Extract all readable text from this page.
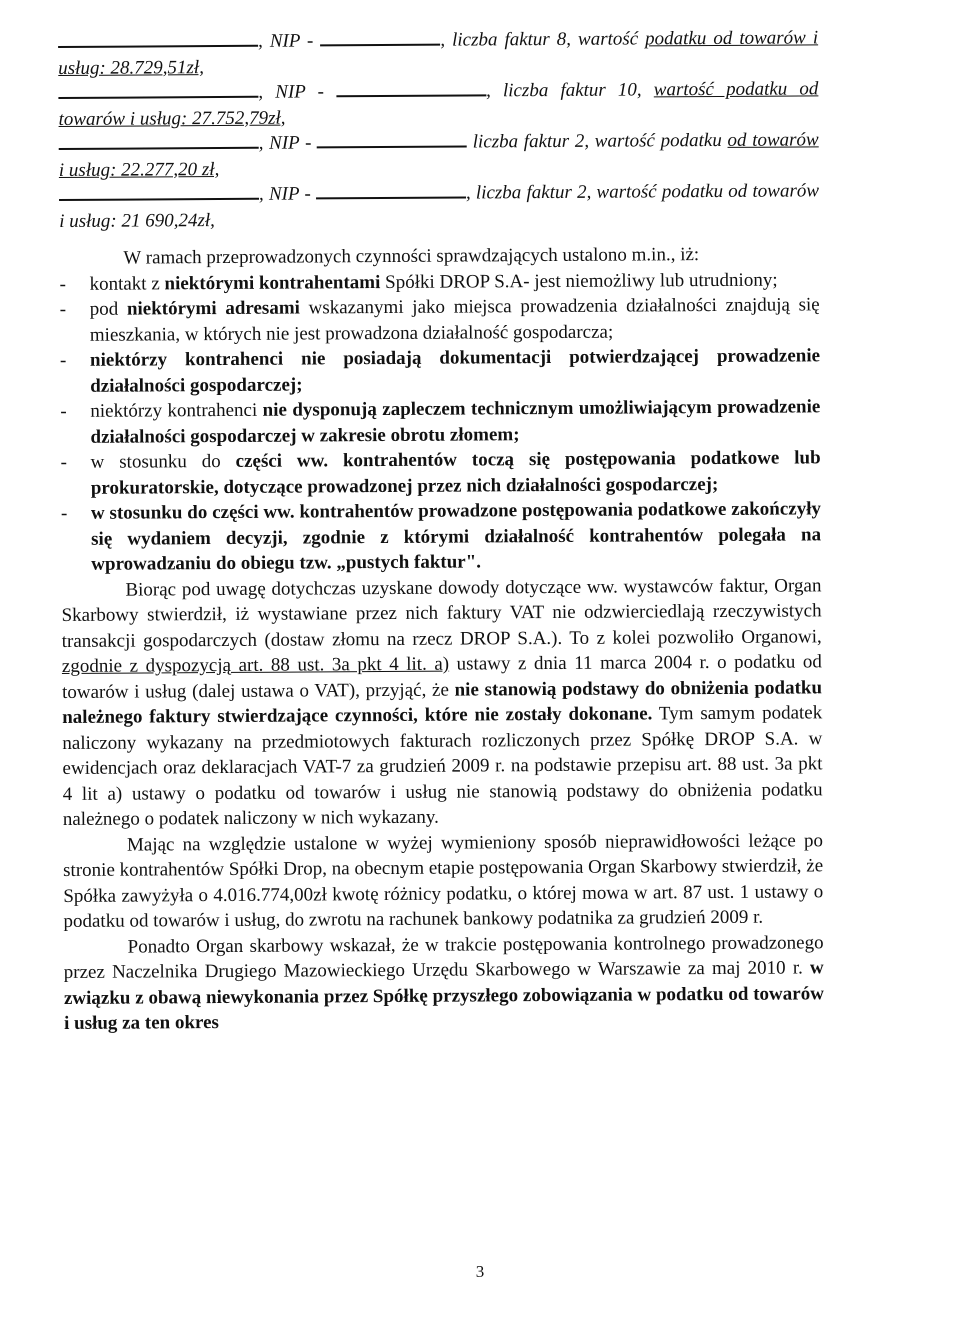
, NIP -	, liczba faktur 8, wartość podatku od towarów i usług: 28.729,51zł,

, NIP -	, liczba faktur 10, wartość podatku od towarów i usług: 27.752,79zł,

, NIP -	liczba faktur 2, wartość podatku od towarów i usług: 22.277,20 zł,

, NIP -	, liczba faktur 2, wartość podatku od towarów i usług: 21 690,24zł,

W ramach przeprowadzonych czynności sprawdzających ustalono m.in., iż:

- kontakt z niektórymi kontrahentami Spółki DROP S.A- jest niemożliwy lub utrudniony;

- pod niektórymi adresami wskazanymi jako miejsca prowadzenia działalności znajdują się mieszkania, w których nie jest prowadzona działalność gospodarcza;

- niektórzy kontrahenci nie posiadają dokumentacji potwierdzającej prowadzenie działalności gospodarczej;

- niektórzy kontrahenci nie dysponują zapleczem technicznym umożliwiającym prowadzenie działalności gospodarczej w zakresie obrotu złomem;

- w stosunku do części ww. kontrahentów toczą się postępowania podatkowe lub prokuratorskie, dotyczące prowadzonej przez nich działalności gospodarczej;

- w stosunku do części ww. kontrahentów prowadzone postępowania podatkowe zakończyły się wydaniem decyzji, zgodnie z którymi działalność kontrahentów polegała na wprowadzaniu do obiegu tzw. „pustych faktur".

Biorąc pod uwagę dotychczas uzyskane dowody dotyczące ww. wystawców faktur, Organ Skarbowy stwierdził, iż wystawiane przez nich faktury VAT nie odzwierciedlają rzeczywistych transakcji gospodarczych (dostaw złomu na rzecz DROP S.A.). To z kolei pozwoliło Organowi, zgodnie z dyspozycją art. 88 ust. 3a pkt 4 lit. a) ustawy z dnia 11 marca 2004 r. o podatku od towarów i usług (dalej ustawa o VAT), przyjąć, że nie stanowią podstawy do obniżenia podatku należnego faktury stwierdzające czynności, które nie zostały dokonane. Tym samym podatek naliczony wykazany na przedmiotowych fakturach rozliczonych przez Spółkę DROP S.A. w ewidencjach oraz deklaracjach VAT-7 za grudzień 2009 r. na podstawie przepisu art. 88 ust. 3a pkt 4 lit a) ustawy o podatku od towarów i usług nie stanowią podstawy do obniżenia podatku należnego o podatek naliczony w nich wykazany.

Mając na względzie ustalone w wyżej wymieniony sposób nieprawidłowości leżące po stronie kontrahentów Spółki Drop, na obecnym etapie postępowania Organ Skarbowy stwierdził, że Spółka zawyżyła o 4.016.774,00zł kwotę różnicy podatku, o której mowa w art. 87 ust. 1 ustawy o podatku od towarów i usług, do zwrotu na rachunek bankowy podatnika za grudzień 2009 r.

Ponadto Organ skarbowy wskazał, że w trakcie postępowania kontrolnego prowadzonego przez Naczelnika Drugiego Mazowieckiego Urzędu Skarbowego w Warszawie za maj 2010 r. w związku z obawą niewykonania przez Spółkę przyszłego zobowiązania w podatku od towarów i usług za ten okres

3
